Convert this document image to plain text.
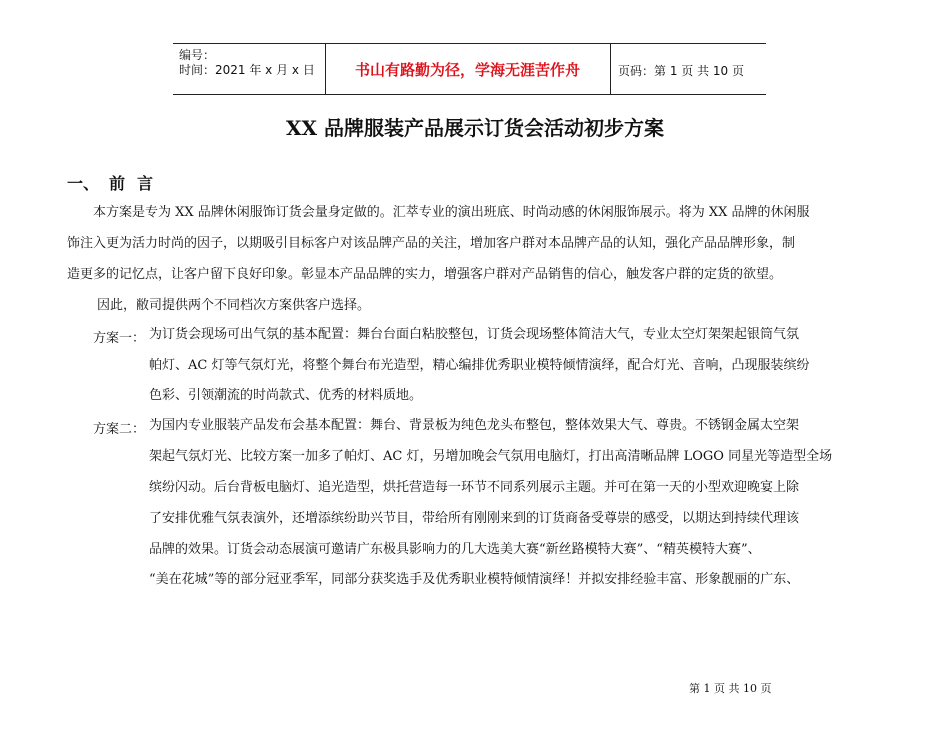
编号：
时间：2021 年 x 月 x 日	书山有路勤为径，学海无涯苦作舟	页码：第 1 页 共 10 页
XX 品牌服装产品展示订货会活动初步方案
一、 前言
本方案是专为 XX 品牌休闲服饰订货会量身定做的。汇萃专业的演出班底、时尚动感的休闲服饰展示。将为 XX 品牌的休闲服
饰注入更为活力时尚的因子，以期吸引目标客户对该品牌产品的关注，增加客户群对本品牌产品的认知，强化产品品牌形象，制
造更多的记忆点，让客户留下良好印象。彰显本产品品牌的实力，增强客户群对产品销售的信心，触发客户群的定货的欲望。
因此，敝司提供两个不同档次方案供客户选择。
方案一： 为订货会现场可出气氛的基本配置：舞台台面白粘胶整包，订货会现场整体简洁大气，专业太空灯架架起银筒气氛
帕灯、AC 灯等气氛灯光，将整个舞台布光造型，精心编排优秀职业模特倾情演绎，配合灯光、音响，凸现服装缤纷
色彩、引领潮流的时尚款式、优秀的材料质地。
方案二： 为国内专业服装产品发布会基本配置：舞台、背景板为纯色龙头布整包，整体效果大气、尊贵。不锈钢金属太空架
架起气氛灯光、比较方案一加多了帕灯、AC 灯，另增加晚会气氛用电脑灯，打出高清晰品牌 LOGO 同星光等造型全场
缤纷闪动。后台背板电脑灯、追光造型，烘托营造每一环节不同系列展示主题。并可在第一天的小型欢迎晚宴上除
了安排优雅气氛表演外，还增添缤纷助兴节目，带给所有刚刚来到的订货商备受尊崇的感受，以期达到持续代理该
品牌的效果。订货会动态展演可邀请广东极具影响力的几大选美大赛“新丝路模特大赛”、“精英模特大赛”、
“美在花城”等的部分冠亚季军，同部分获奖选手及优秀职业模特倾情演绎！并拟安排经验丰富、形象靓丽的广东、
第 1 页 共 10 页
